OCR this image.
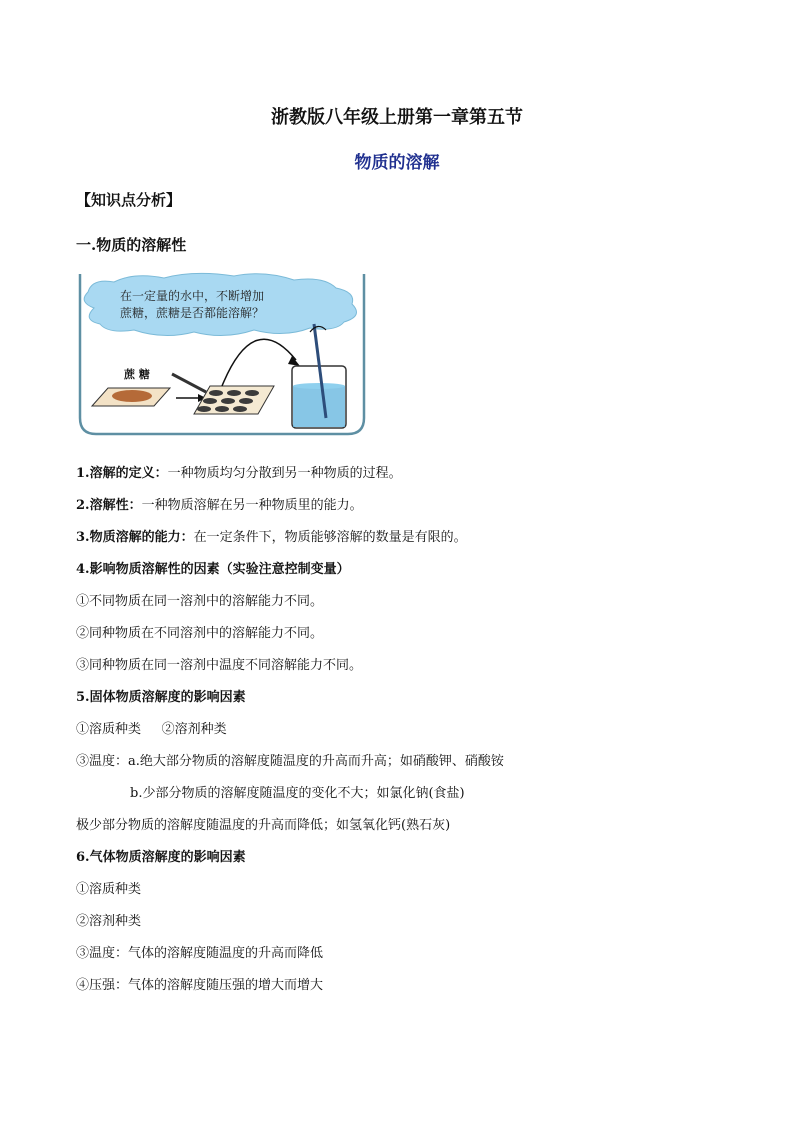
浙教版八年级上册第一章第五节
物质的溶解
【知识点分析】
一.物质的溶解性
在一定量的水中，不断增加
蔗糖，蔗糖是否都能溶解？
蔗 糖
1.溶解的定义：一种物质均匀分散到另一种物质的过程。
2.溶解性：一种物质溶解在另一种物质里的能力。
3.物质溶解的能力：在一定条件下，物质能够溶解的数量是有限的。
4.影响物质溶解性的因素（实验注意控制变量）
①不同物质在同一溶剂中的溶解能力不同。
②同种物质在不同溶剂中的溶解能力不同。
③同种物质在同一溶剂中温度不同溶解能力不同。
5.固体物质溶解度的影响因素
①溶质种类     ②溶剂种类
③温度：a.绝大部分物质的溶解度随温度的升高而升高；如硝酸钾、硝酸铵
b.少部分物质的溶解度随温度的变化不大；如氯化钠(食盐)
极少部分物质的溶解度随温度的升高而降低；如氢氧化钙(熟石灰)
6.气体物质溶解度的影响因素
①溶质种类
②溶剂种类
③温度：气体的溶解度随温度的升高而降低
④压强：气体的溶解度随压强的增大而增大
